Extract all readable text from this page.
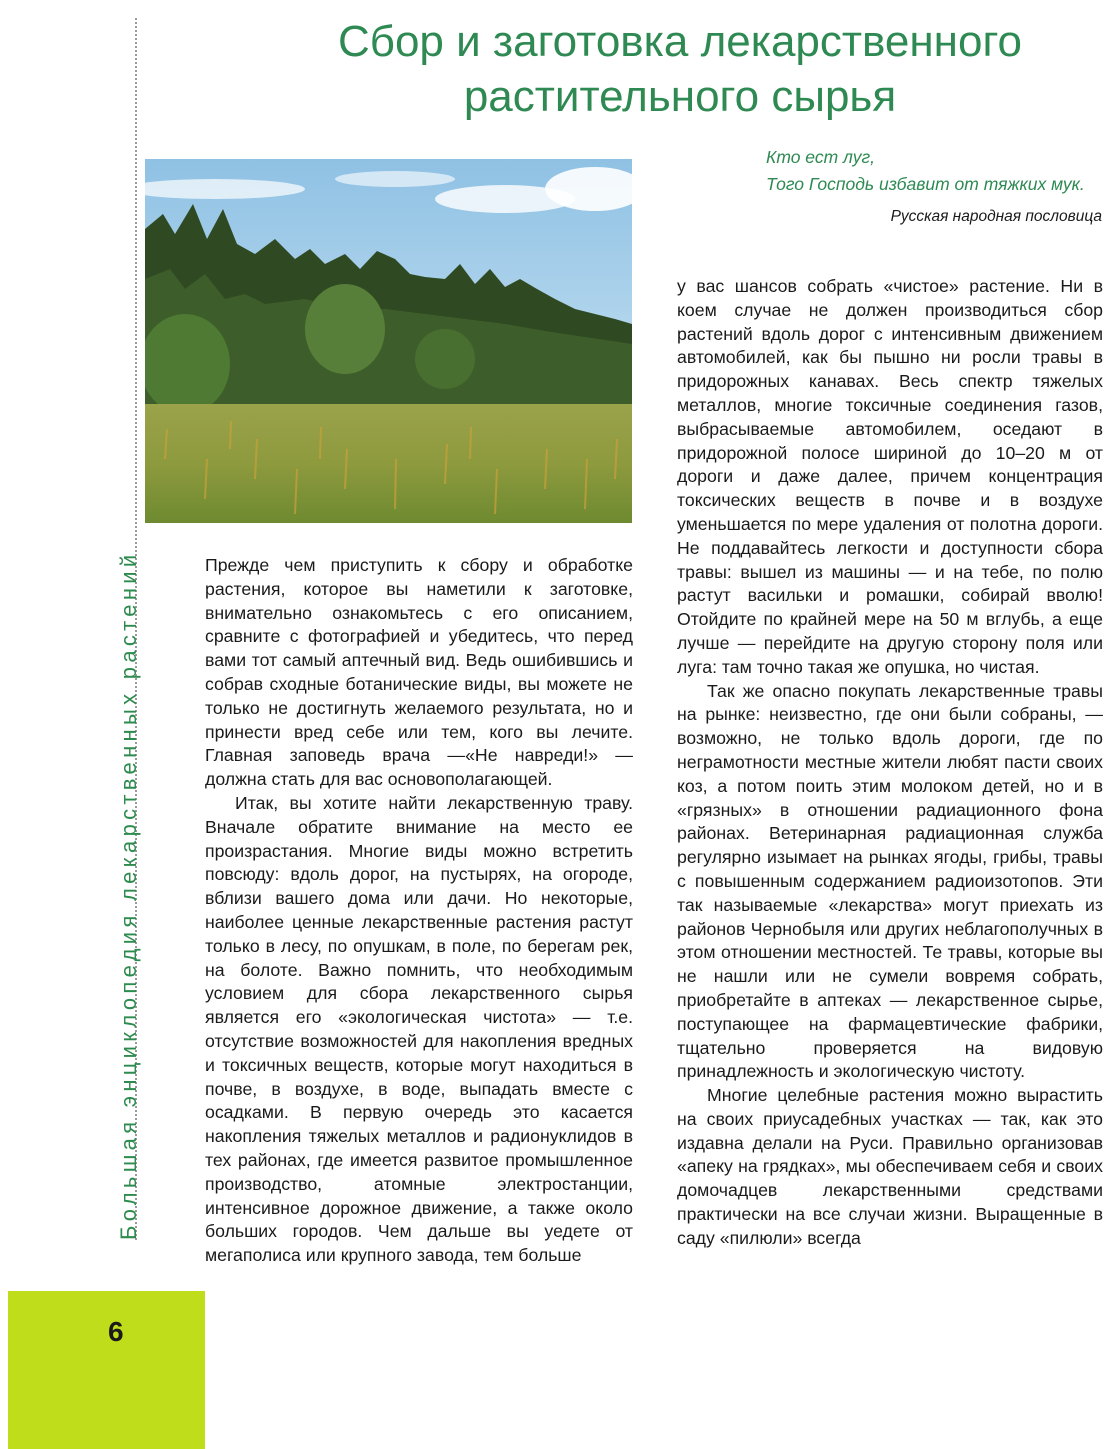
Большая энциклопедия лекарственных растений
6
Сбор и заготовка лекарственного
растительного сырья
Кто ест луг,
Того Господь избавит от тяжких мук.
Русская народная пословица

Прежде чем приступить к сбору и обработке растения, которое вы наметили к заготовке, внимательно ознакомьтесь с его описанием, сравните с фотографией и убедитесь, что перед вами тот самый аптечный вид. Ведь ошибившись и собрав сходные ботанические виды, вы можете не только не достигнуть желаемого результата, но и принести вред себе или тем, кого вы лечите. Главная заповедь врача —«Не навреди!» — должна стать для вас основополагающей.

Итак, вы хотите найти лекарственную траву. Вначале обратите внимание на место ее произрастания. Многие виды можно встретить повсюду: вдоль дорог, на пустырях, на огороде, вблизи вашего дома или дачи. Но некоторые, наиболее ценные лекарственные растения растут только в лесу, по опушкам, в поле, по берегам рек, на болоте. Важно помнить, что необходимым условием для сбора лекарственного сырья является его «экологическая чистота» — т.е. отсутствие возможностей для накопления вредных и токсичных веществ, которые могут находиться в почве, в воздухе, в воде, выпадать вместе с осадками. В первую очередь это касается накопления тяжелых металлов и радионуклидов в тех районах, где имеется развитое промышленное производство, атомные электростанции, интенсивное дорожное движение, а также около больших городов. Чем дальше вы уедете от мегаполиса или крупного завода, тем больше

у вас шансов собрать «чистое» растение. Ни в коем случае не должен производиться сбор растений вдоль дорог с интенсивным движением автомобилей, как бы пышно ни росли травы в придорожных канавах. Весь спектр тяжелых металлов, многие токсичные соединения газов, выбрасываемые автомобилем, оседают в придорожной полосе шириной до 10–20 м от дороги и даже далее, причем концентрация токсических веществ в почве и в воздухе уменьшается по мере удаления от полотна дороги. Не поддавайтесь легкости и доступности сбора травы: вышел из машины — и на тебе, по полю растут васильки и ромашки, собирай вволю! Отойдите по крайней мере на 50 м вглубь, а еще лучше — перейдите на другую сторону поля или луга: там точно такая же опушка, но чистая.

Так же опасно покупать лекарственные травы на рынке: неизвестно, где они были собраны, — возможно, не только вдоль дороги, где по неграмотности местные жители любят пасти своих коз, а потом поить этим молоком детей, но и в «грязных» в отношении радиационного фона районах. Ветеринарная радиационная служба регулярно изымает на рынках ягоды, грибы, травы с повышенным содержанием радиоизотопов. Эти так называемые «лекарства» могут приехать из районов Чернобыля или других неблагополучных в этом отношении местностей. Те травы, которые вы не нашли или не сумели вовремя собрать, приобретайте в аптеках — лекарственное сырье, поступающее на фармацевтические фабрики, тщательно проверяется на видовую принадлежность и экологическую чистоту.

Многие целебные растения можно вырастить на своих приусадебных участках — так, как это издавна делали на Руси. Правильно организовав «апеку на грядках», мы обеспечиваем себя и своих домочадцев лекарственными средствами практически на все случаи жизни. Выращенные в саду «пилюли» всегда
